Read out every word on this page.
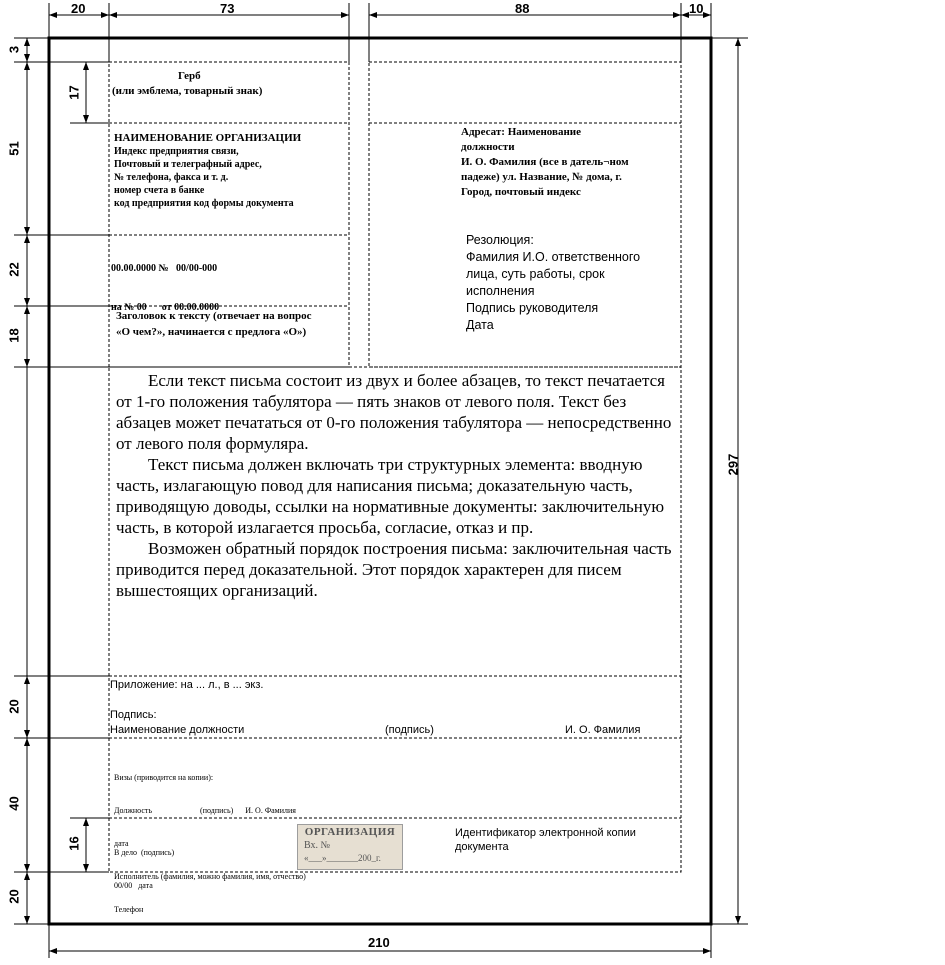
20	73	88	10
3
17
51
22
18
20
40
16
20
297
210
Герб
(или эмблема, товарный знак)
НАИМЕНОВАНИЕ ОРГАНИЗАЦИИ
Индекс предприятия связи,
Почтовый и телеграфный адрес,
№ телефона, факса и т. д.
номер счета в банке
код предприятия код формы документа

00.00.0000 №   00/00-000

на № 00      от 00.00.0000

Заголовок к тексту (отвечает на вопрос
«О чем?», начинается с предлога «О»)
Адресат: Наименование
должности
И. О. Фамилия (все в датель¬ном
падеже) ул. Название, № дома, г.
Город, почтовый индекс
Резолюция:
Фамилия И.О. ответственного
лица, суть работы, срок
исполнения
Подпись руководителя
Дата

Если текст письма состоит из двух и более абзацев, то текст печатается от 1-го положения табулятора — пять знаков от левого поля. Текст без абзацев может печататься от 0-го положения табулятора — непосредственно от левого поля формуляра.

Текст письма должен включать три структурных элемента: вводную часть, излагающую повод для написания письма; доказательную часть, приводящую доводы, ссылки на нормативные документы: заключительную часть, в которой излагается просьба, согласие, отказ и пр.

Возможен обратный порядок построения письма: заключительная часть приводится перед доказательной. Этот порядок характерен для писем вышестоящих организаций.

Приложение: на ... л., в ... экз.
Подпись:
Наименование должности	(подпись)	И. О. Фамилия

Визы (приводится на копии):

Должность                        (подпись)      И. О. Фамилия

дата

Исполнитель (фамилия, можно фамилия, имя, отчество)

Телефон

В дело  (подпись)

00/00   дата

ОРГАНИЗАЦИЯ
Вх. №
«___»_______200_г.
Идентификатор электронной копии
документа
